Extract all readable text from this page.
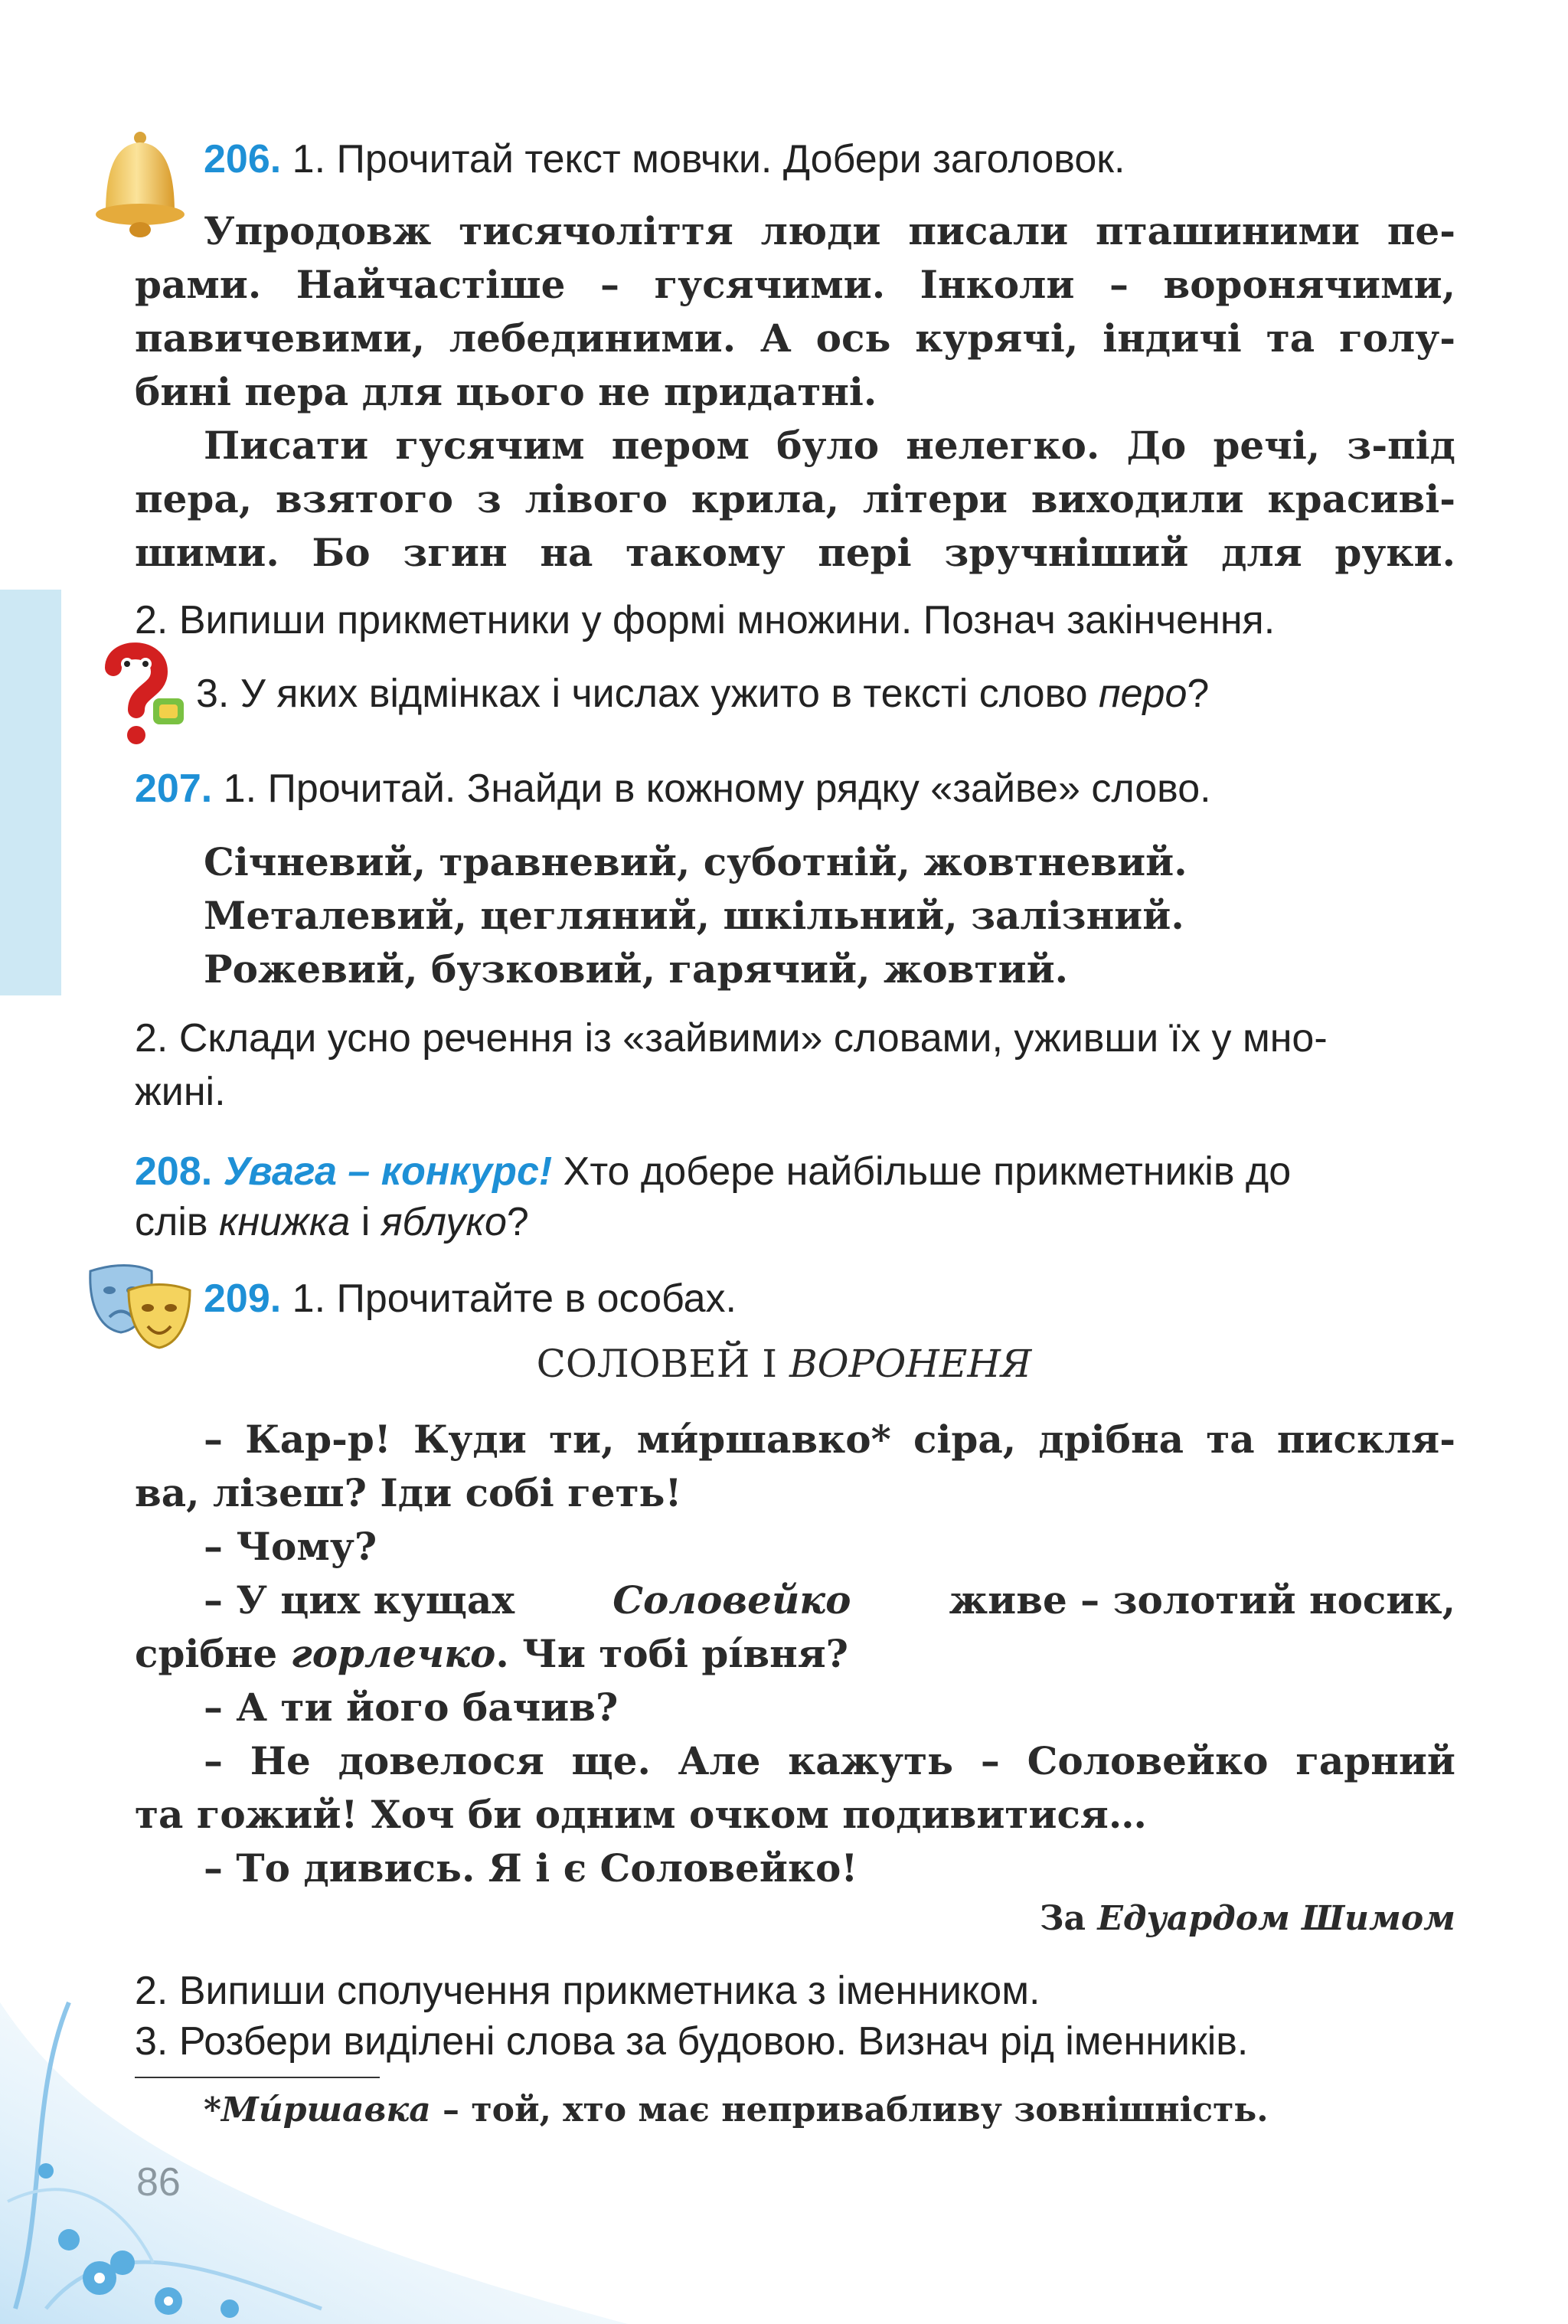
206. 1. Прочитай текст мовчки. Добери заголовок.
Упродовж тисячоліття люди писали пташиними пе-
рами. Найчастіше – гусячими. Інколи – воронячими,
павичевими, лебединими. А ось курячі, індичі та голу-
бині пера для цього не придатні.
Писати гусячим пером було нелегко. До речі, з-під
пера, взятого з лівого крила, літери виходили красиві-
шими. Бо згин на такому пері зручніший для руки.
2. Випиши прикметники у формі множини. Познач закінчення.
3. У яких відмінках і числах ужито в тексті слово перо?
207. 1. Прочитай. Знайди в кожному рядку «зайве» слово.
Січневий, травневий, суботній, жовтневий.
Металевий, цегляний, шкільний, залізний.
Рожевий, бузковий, гарячий, жовтий.
2. Склади усно речення із «зайвими» словами, уживши їх у мно-
жині.
208. Увага – конкурс! Хто добере найбільше прикметників до
слів книжка і яблуко?
209. 1. Прочитайте в особах.
СОЛОВЕЙ І ВОРОНЕНЯ
– Кар-р! Куди ти, ми́ршавко* сіра, дрібна та пискля-
ва, лізеш? Іди собі геть!
– Чому?
– У цих кущах	Соловейко	живе – золотий носик,
срібне горлечко. Чи тобі рі́вня?
– А ти його бачив?
– Не довелося ще. Але кажуть – Соловейко гарний
та гожий! Хоч би одним очком подивитися…
– То дивись. Я і є Соловейко!
За Едуардом Шимом
2. Випиши сполучення прикметника з іменником.
3. Розбери виділені слова за будовою. Визнач рід іменників.
*Ми́ршавка – той, хто має непривабливу зовнішність.
